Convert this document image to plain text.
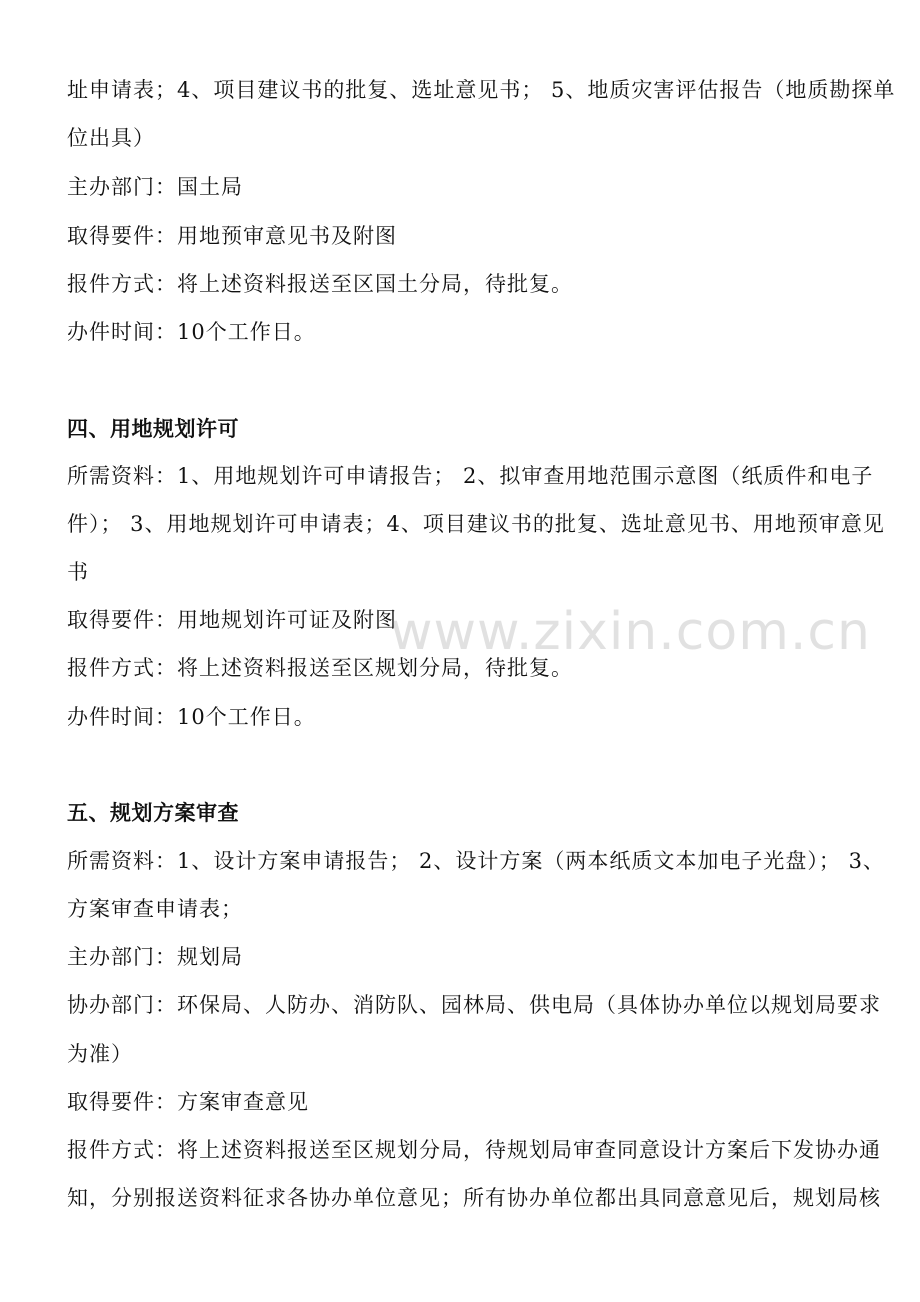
址申请表；4、项目建议书的批复、选址意见书； 5、地质灾害评估报告（地质勘探单
位出具）
主办部门：国土局
取得要件：用地预审意见书及附图
报件方式：将上述资料报送至区国土分局，待批复。
办件时间：10个工作日。
四、用地规划许可
所需资料：1、用地规划许可申请报告； 2、拟审查用地范围示意图（纸质件和电子
件）； 3、用地规划许可申请表；4、项目建议书的批复、选址意见书、用地预审意见
书
取得要件：用地规划许可证及附图
报件方式：将上述资料报送至区规划分局，待批复。
办件时间：10个工作日。
五、规划方案审查
所需资料：1、设计方案申请报告； 2、设计方案（两本纸质文本加电子光盘）； 3、
方案审查申请表；
主办部门：规划局
协办部门：环保局、人防办、消防队、园林局、供电局（具体协办单位以规划局要求
为准）
取得要件：方案审查意见
报件方式：将上述资料报送至区规划分局，待规划局审查同意设计方案后下发协办通
知，分别报送资料征求各协办单位意见；所有协办单位都出具同意意见后，规划局核
www.zixin.com.cn
